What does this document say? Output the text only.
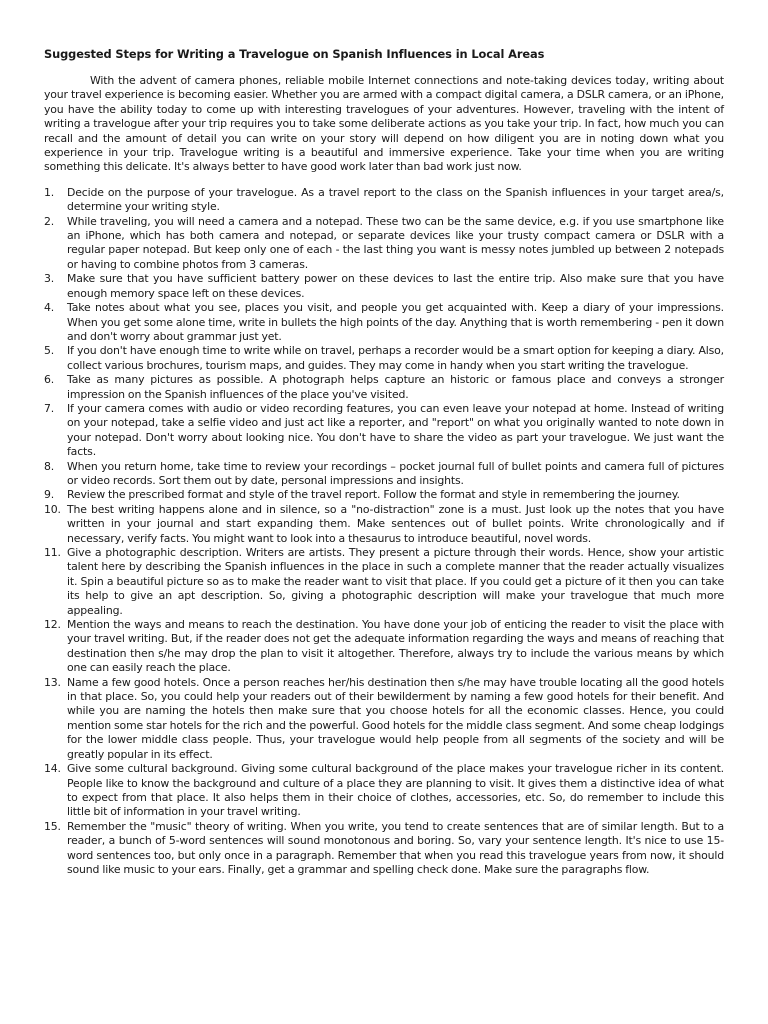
Suggested Steps for Writing a Travelogue on Spanish Influences in Local Areas

With the advent of camera phones, reliable mobile Internet connections and note-taking devices today, writing about your travel experience is becoming easier. Whether you are armed with a compact digital camera, a DSLR camera, or an iPhone, you have the ability today to come up with interesting travelogues of your adventures. However, traveling with the intent of writing a travelogue after your trip requires you to take some deliberate actions as you take your trip. In fact, how much you can recall and the amount of detail you can write on your story will depend on how diligent you are in noting down what you experience in your trip. Travelogue writing is a beautiful and immersive experience. Take your time when you are writing something this delicate. It's always better to have good work later than bad work just now.

1. Decide on the purpose of your travelogue. As a travel report to the class on the Spanish influences in your target area/s, determine your writing style.
2. While traveling, you will need a camera and a notepad. These two can be the same device, e.g. if you use smartphone like an iPhone, which has both camera and notepad, or separate devices like your trusty compact camera or DSLR with a regular paper notepad. But keep only one of each - the last thing you want is messy notes jumbled up between 2 notepads or having to combine photos from 3 cameras.
3. Make sure that you have sufficient battery power on these devices to last the entire trip. Also make sure that you have enough memory space left on these devices.
4. Take notes about what you see, places you visit, and people you get acquainted with. Keep a diary of your impressions. When you get some alone time, write in bullets the high points of the day. Anything that is worth remembering - pen it down and don't worry about grammar just yet.
5. If you don't have enough time to write while on travel, perhaps a recorder would be a smart option for keeping a diary. Also, collect various brochures, tourism maps, and guides. They may come in handy when you start writing the travelogue.
6. Take as many pictures as possible. A photograph helps capture an historic or famous place and conveys a stronger impression on the Spanish influences of the place you've visited.
7. If your camera comes with audio or video recording features, you can even leave your notepad at home. Instead of writing on your notepad, take a selfie video and just act like a reporter, and "report" on what you originally wanted to note down in your notepad. Don't worry about looking nice. You don't have to share the video as part your travelogue. We just want the facts.
8. When you return home, take time to review your recordings – pocket journal full of bullet points and camera full of pictures or video records. Sort them out by date, personal impressions and insights.
9. Review the prescribed format and style of the travel report. Follow the format and style in remembering the journey.
10. The best writing happens alone and in silence, so a "no-distraction" zone is a must. Just look up the notes that you have written in your journal and start expanding them. Make sentences out of bullet points. Write chronologically and if necessary, verify facts. You might want to look into a thesaurus to introduce beautiful, novel words.
11. Give a photographic description. Writers are artists. They present a picture through their words. Hence, show your artistic talent here by describing the Spanish influences in the place in such a complete manner that the reader actually visualizes it. Spin a beautiful picture so as to make the reader want to visit that place. If you could get a picture of it then you can take its help to give an apt description. So, giving a photographic description will make your travelogue that much more appealing.
12. Mention the ways and means to reach the destination. You have done your job of enticing the reader to visit the place with your travel writing. But, if the reader does not get the adequate information regarding the ways and means of reaching that destination then s/he may drop the plan to visit it altogether. Therefore, always try to include the various means by which one can easily reach the place.
13. Name a few good hotels. Once a person reaches her/his destination then s/he may have trouble locating all the good hotels in that place. So, you could help your readers out of their bewilderment by naming a few good hotels for their benefit. And while you are naming the hotels then make sure that you choose hotels for all the economic classes. Hence, you could mention some star hotels for the rich and the powerful. Good hotels for the middle class segment. And some cheap lodgings for the lower middle class people. Thus, your travelogue would help people from all segments of the society and will be greatly popular in its effect.
14. Give some cultural background. Giving some cultural background of the place makes your travelogue richer in its content. People like to know the background and culture of a place they are planning to visit. It gives them a distinctive idea of what to expect from that place. It also helps them in their choice of clothes, accessories, etc. So, do remember to include this little bit of information in your travel writing.
15. Remember the "music" theory of writing. When you write, you tend to create sentences that are of similar length. But to a reader, a bunch of 5-word sentences will sound monotonous and boring. So, vary your sentence length. It's nice to use 15-word sentences too, but only once in a paragraph. Remember that when you read this travelogue years from now, it should sound like music to your ears. Finally, get a grammar and spelling check done. Make sure the paragraphs flow.
